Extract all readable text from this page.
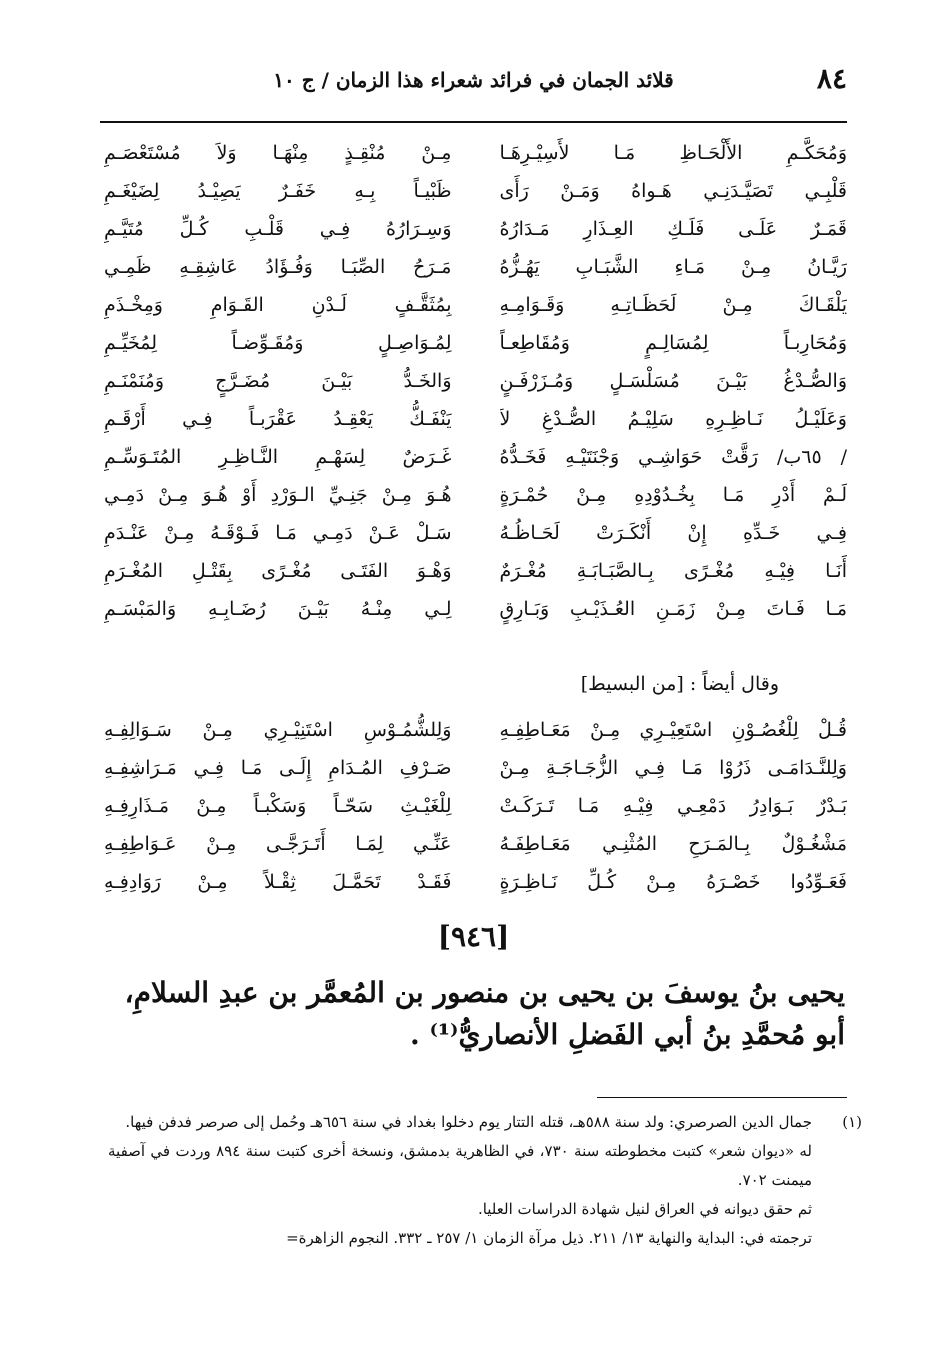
٨٤
قلائد الجمان في فرائد شعراء هذا الزمان / ج ١٠
وَمُحَكَّـمِ الأَلْحَـاظِ مَـا لأَسِيْـرِهَـا
مِـنْ مُنْقِـذٍ مِنْهَـا وَلاَ مُسْتَعْصَـمِ
قَلْبِـي تَصَيَّـدَنِـي هَـواهُ وَمَـنْ رَأَى
ظَبْيـاً بِـهِ خَفَـرٌ يَصِيْـدُ لِضَيْغَـمِ
قَمَـرٌ عَلَـى فَلَـكِ العِـذَارِ مَـدَارُهُ
وَسِـرَارُهُ فِـي قَلْـبِ كُـلِّ مُتَيَّـمِ
رَيَّـانُ مِـنْ مَـاءِ الشَّبَـابِ يَهُـزُّهُ
مَـرَحُ الصِّبَـا وَفُـؤَادُ عَاشِقِـهِ ظَمِـي
يَلْقَـاكَ مِـنْ لَحَظَـاتِـهِ وَقَـوَامِـهِ
بِمُثَقَّـفٍ لَـدْنِ القَـوَامِ وَمِخْـذَمِ
وَمُحَارِبـاً لِمُسَالِـمٍ وَمُقَاطِعـاً
لِمُـوَاصِـلٍ وَمُقَـوِّضـاً لِمُخَيِّـمِ
وَالصُّـدْغُ بَيْـنَ مُسَلْسَـلٍ وَمُـزَرْفَـنٍ
وَالخَـدُّ بَيْـنَ مُضَـرَّجٍ وَمُنَمْنَـمِ
وَعَلَيْـلُ نَـاظِـرِهِ سَلِيْـمُ الصُّـدْغِ لاَ
يَنْفَـكُّ يَعْقِـدُ عَقْرَبـاً فِـي أَرْقَـمِ
/ ٦٥ب/ رَقَّتْ حَوَاشِـي وَجْنَتَيْـهِ فَخَـدُّهُ
غَـرَضٌ لِسَهْـمِ النَّـاظِـرِ المُتَـوَسِّـمِ
لَـمْ أَدْرِ مَـا بِخُـدُوْدِهِ مِـنْ حُمْـرَةٍ
هُـوَ مِـنْ جَنِـيِّ الـوَرْدِ أَوْ هُـوَ مِـنْ دَمِـي
فِـي خَـدِّهِ إِنْ أَنْكَـرَتْ لَحَـاظُـهُ
سَـلْ عَـنْ دَمِـي مَـا فَـوْقَـهُ مِـنْ عَنْـدَمِ
أَنَـا فِيْـهِ مُغْـرًى بِـالصَّبَـابَـةِ مُغْـرَمٌ
وَهْـوَ الفَتَـى مُغْـرًى بِقَتْـلِ المُغْـرَمِ
مَـا فَـاتَ مِـنْ زَمَـنِ العُـذَيْـبِ وَبَـارِقٍ
لِـي مِنْـهُ بَيْـنَ رُضَـابِـهِ وَالمَبْسَـمِ
وقال أيضاً : [من البسيط]
قُـلْ لِلْغُصُـوْنِ اسْتَعِيْـرِي مِـنْ مَعَـاطِفِـهِ
وَلِلشُّمُـوْسِ اسْتَنِيْـرِي مِـنْ سَـوَالِفِـهِ
وَلِلنَّـدَامَـى ذَرُوْا مَـا فِـي الزُّجَـاجَـةِ مِـنْ
صَـرْفِ المُـدَامِ إِلَـى مَـا فِـي مَـرَاشِفِـهِ
بَـدْرٌ بَـوَادِرُ دَمْعِـي فِيْـهِ مَـا تَـرَكَـتْ
لِلْغَيْـثِ سَحّـاً وَسَكْبـاً مِـنْ مَـذَارِفِـهِ
مَشْغُـوْلٌ بِـالمَـرَحِ المُثْنِـي مَعَـاطِفَـهُ
عَنِّـي لِمَـا أَتَـرَجَّـى مِـنْ عَـوَاطِفِـهِ
فَعَـوِّدُوا خَصْـرَهُ مِـنْ كُـلِّ نَـاظِـرَةٍ
فَقَـدْ تَحَمَّـلَ ثِقْـلاً مِـنْ رَوَادِفِـهِ
[٩٤٦]
يحيى بنُ يوسفَ بن يحيى بن منصور بن المُعمَّر بن عبدِ السلامِ،
أبو مُحمَّدِ بنُ أبي الفَضلِ الأنصاريُّ⁽¹⁾ .
(١)
جمال الدين الصرصري: ولد سنة ٥٨٨هـ، قتله التتار يوم دخلوا بغداد في سنة ٦٥٦هـ وحُمل إلى صرصر فدفن فيها.
له «ديوان شعر» كتبت مخطوطته سنة ٧٣٠، في الظاهرية بدمشق، ونسخة أخرى كتبت سنة ٨٩٤ وردت في آصفية ميمنت ٧٠٢.
ثم حقق ديوانه في العراق لنيل شهادة الدراسات العليا.
ترجمته في: البداية والنهاية ١٣/ ٢١١. ذيل مرآة الزمان ١/ ٢٥٧ ـ ٣٣٢. النجوم الزاهرة=
